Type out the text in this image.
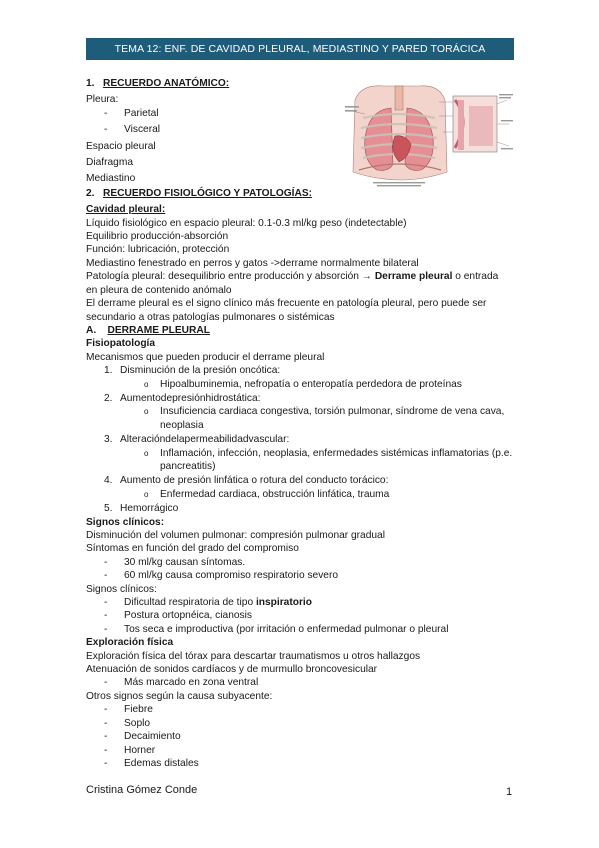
TEMA 12: ENF. DE CAVIDAD PLEURAL, MEDIASTINO Y PARED TORÁCICA
1. RECUERDO ANATÓMICO:
Pleura:
- Parietal
- Visceral
Espacio pleural
Diafragma
Mediastino
2. RECUERDO FISIOLÓGICO Y PATOLOGÍAS:
Cavidad pleural:
Líquido fisiológico en espacio pleural: 0.1-0.3 ml/kg peso (indetectable)
Equilibrio producción-absorción
Función: lubricación, protección
Mediastino fenestrado en perros y gatos ->derrame normalmente bilateral
Patología pleural: desequilibrio entre producción y absorción → Derrame pleural o entrada en pleura de contenido anómalo
El derrame pleural es el signo clínico más frecuente en patología pleural, pero puede ser secundario a otras patologías pulmonares o sistémicas
A. DERRAME PLEURAL
Fisiopatología
Mecanismos que pueden producir el derrame pleural
1. Disminución de la presión oncótica:
o	Hipoalbuminemia, nefropatía o enteropatía perdedora de proteínas
2. Aumentodepresiónhidrostática:
o	Insuficiencia cardiaca congestiva, torsión pulmonar, síndrome de vena cava, neoplasia
3. Alteracióndelapermeabilidadvascular:
o	Inflamación, infección, neoplasia, enfermedades sistémicas inflamatorias (p.e. pancreatitis)
4. Aumento de presión linfática o rotura del conducto torácico:
o	Enfermedad cardiaca, obstrucción linfática, trauma
5. Hemorrágico
Signos clínicos:
Disminución del volumen pulmonar: compresión pulmonar gradual
Síntomas en función del grado del compromiso
- 30 ml/kg causan síntomas.
- 60 ml/kg causa compromiso respiratorio severo
Signos clínicos:
- Dificultad respiratoria de tipo inspiratorio
- Postura ortopnéica, cianosis
- Tos seca e improductiva (por irritación o enfermedad pulmonar o pleural
Exploración física
Exploración física del tórax para descartar traumatismos u otros hallazgos
Atenuación de sonidos cardíacos y de murmullo broncovesicular
- Más marcado en zona ventral
Otros signos según la causa subyacente:
- Fiebre
- Soplo
- Decaimiento
- Horner
- Edemas distales
Cristina Gómez Conde	1
